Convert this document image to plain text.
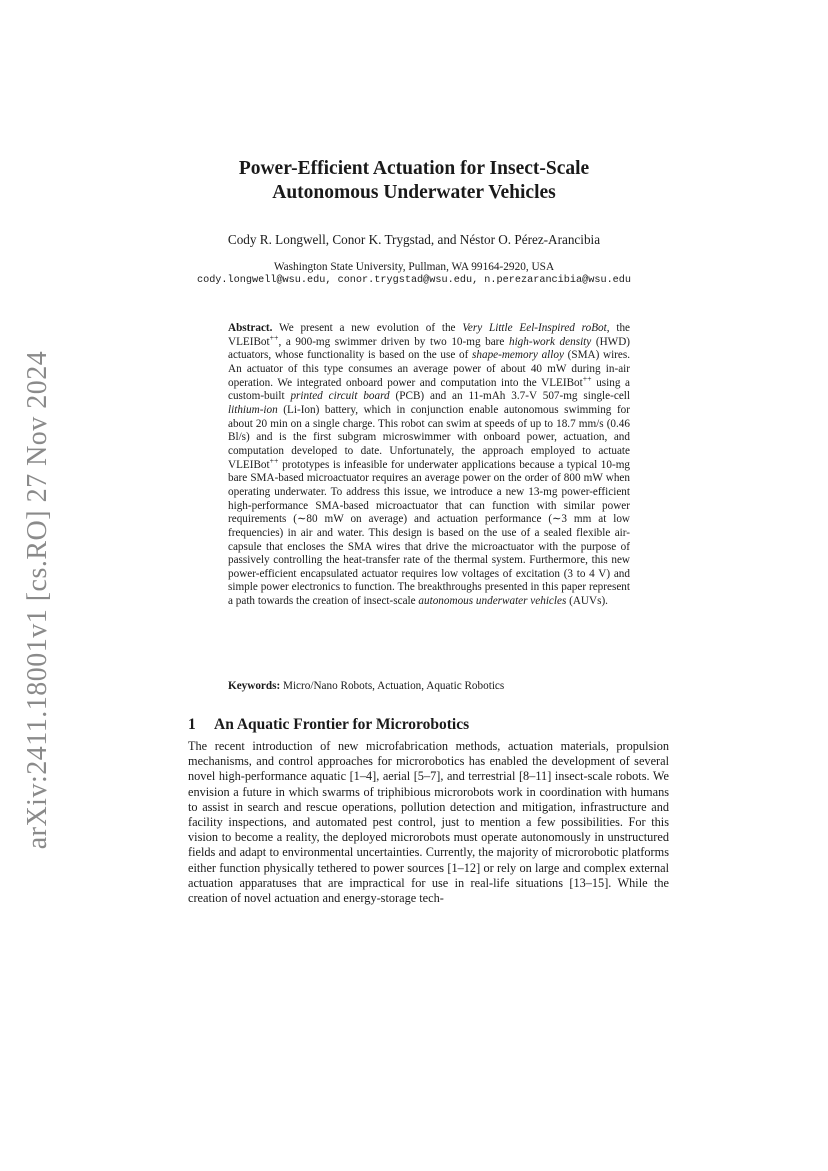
arXiv:2411.18001v1 [cs.RO] 27 Nov 2024
Power-Efficient Actuation for Insect-Scale
Autonomous Underwater Vehicles
Cody R. Longwell, Conor K. Trygstad, and Néstor O. Pérez-Arancibia
Washington State University, Pullman, WA 99164-2920, USA
cody.longwell@wsu.edu, conor.trygstad@wsu.edu, n.perezarancibia@wsu.edu
Abstract. We present a new evolution of the Very Little Eel-Inspired roBot, the VLEIBot++, a 900-mg swimmer driven by two 10-mg bare high-work density (HWD) actuators, whose functionality is based on the use of shape-memory alloy (SMA) wires. An actuator of this type consumes an average power of about 40 mW during in-air operation. We integrated onboard power and computation into the VLEIBot++ using a custom-built printed circuit board (PCB) and an 11-mAh 3.7-V 507-mg single-cell lithium-ion (Li-Ion) battery, which in conjunction enable autonomous swimming for about 20 min on a single charge. This robot can swim at speeds of up to 18.7 mm/s (0.46 Bl/s) and is the first subgram microswimmer with onboard power, actuation, and computation developed to date. Unfortunately, the approach employed to actuate VLEIBot++ prototypes is infeasible for underwater applications because a typical 10-mg bare SMA-based microactuator requires an average power on the order of 800 mW when operating underwater. To address this issue, we introduce a new 13-mg power-efficient high-performance SMA-based microactuator that can function with similar power requirements (∼80 mW on average) and actuation performance (∼3 mm at low frequencies) in air and water. This design is based on the use of a sealed flexible air-capsule that encloses the SMA wires that drive the microactuator with the purpose of passively controlling the heat-transfer rate of the thermal system. Furthermore, this new power-efficient encapsulated actuator requires low voltages of excitation (3 to 4 V) and simple power electronics to function. The breakthroughs presented in this paper represent a path towards the creation of insect-scale autonomous underwater vehicles (AUVs).
Keywords: Micro/Nano Robots, Actuation, Aquatic Robotics
1 An Aquatic Frontier for Microrobotics
The recent introduction of new microfabrication methods, actuation materials, propulsion mechanisms, and control approaches for microrobotics has enabled the development of several novel high-performance aquatic [1–4], aerial [5–7], and terrestrial [8–11] insect-scale robots. We envision a future in which swarms of triphibious microrobots work in coordination with humans to assist in search and rescue operations, pollution detection and mitigation, infrastructure and facility inspections, and automated pest control, just to mention a few possibilities. For this vision to become a reality, the deployed microrobots must operate autonomously in unstructured fields and adapt to environmental uncertainties. Currently, the majority of microrobotic platforms either function physically tethered to power sources [1–12] or rely on large and complex external actuation apparatuses that are impractical for use in real-life situations [13–15]. While the creation of novel actuation and energy-storage tech-
